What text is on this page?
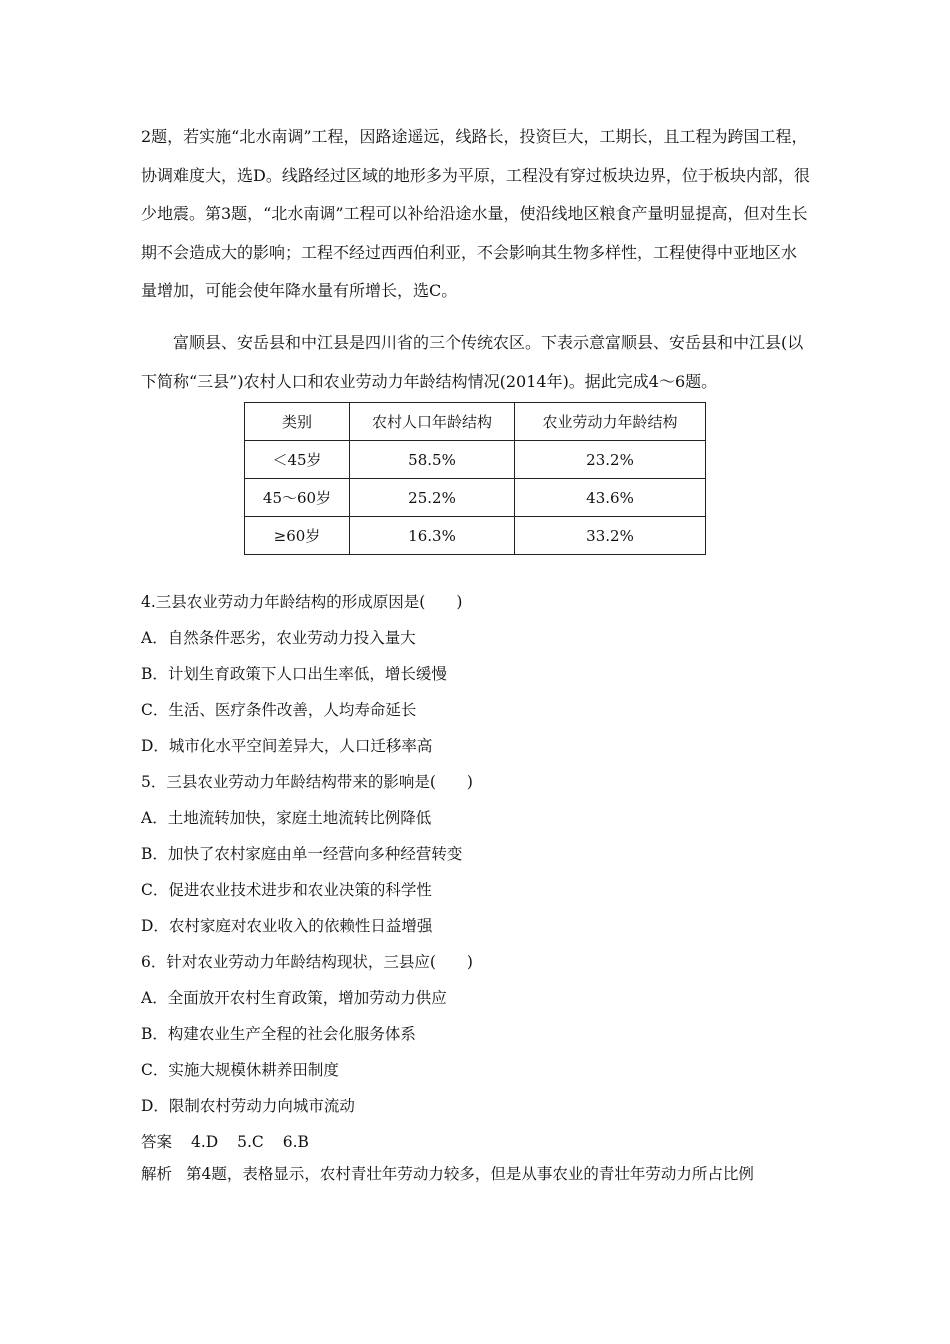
2题，若实施“北水南调”工程，因路途遥远，线路长，投资巨大，工期长，且工程为跨国工程，协调难度大，选D。线路经过区域的地形多为平原，工程没有穿过板块边界，位于板块内部，很少地震。第3题，“北水南调”工程可以补给沿途水量，使沿线地区粮食产量明显提高，但对生长期不会造成大的影响；工程不经过西西伯利亚，不会影响其生物多样性，工程使得中亚地区水量增加，可能会使年降水量有所增长，选C。
富顺县、安岳县和中江县是四川省的三个传统农区。下表示意富顺县、安岳县和中江县(以下简称“三县”)农村人口和农业劳动力年龄结构情况(2014年)。据此完成4～6题。
类别	农村人口年龄结构	农业劳动力年龄结构
＜45岁	58.5%	23.2%
45～60岁	25.2%	43.6%
≥60岁	16.3%	33.2%
4.三县农业劳动力年龄结构的形成原因是(　　)
A．自然条件恶劣，农业劳动力投入量大
B．计划生育政策下人口出生率低，增长缓慢
C．生活、医疗条件改善，人均寿命延长
D．城市化水平空间差异大，人口迁移率高
5．三县农业劳动力年龄结构带来的影响是(　　)
A．土地流转加快，家庭土地流转比例降低
B．加快了农村家庭由单一经营向多种经营转变
C．促进农业技术进步和农业决策的科学性
D．农村家庭对农业收入的依赖性日益增强
6．针对农业劳动力年龄结构现状，三县应(　　)
A．全面放开农村生育政策，增加劳动力供应
B．构建农业生产全程的社会化服务体系
C．实施大规模休耕养田制度
D．限制农村劳动力向城市流动
答案 4.D 5.C 6.B
解析 第4题，表格显示，农村青壮年劳动力较多，但是从事农业的青壮年劳动力所占比例
